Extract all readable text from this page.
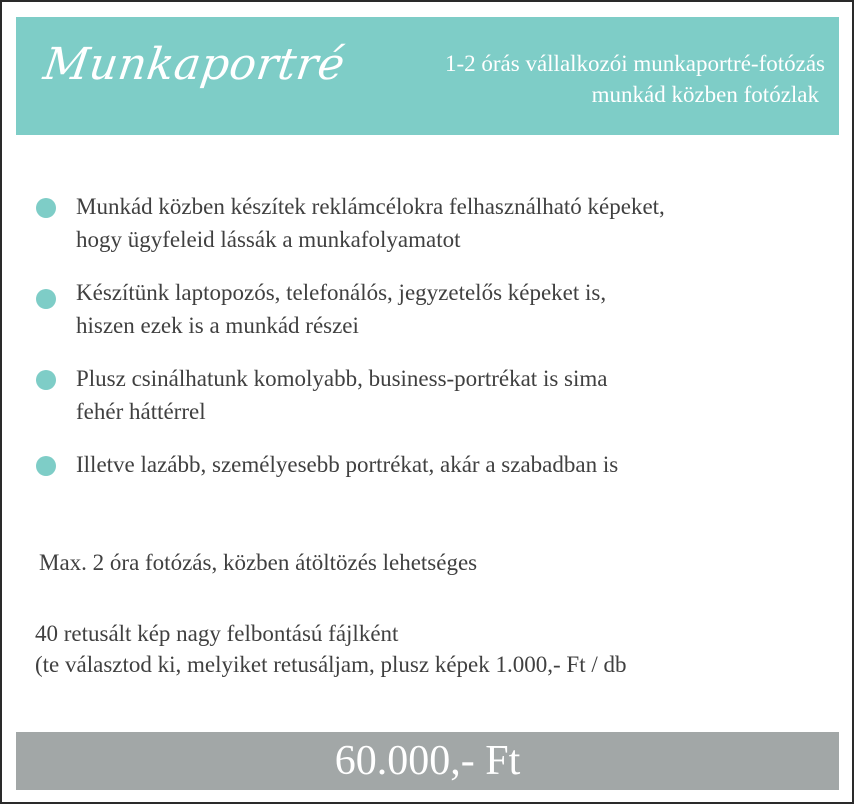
Munkaportré	1-2 órás vállalkozói munkaportré-fotózás
munkád közben fotózlak
Munkád közben készítek reklámcélokra felhasználható képeket,
hogy ügyfeleid lássák a munkafolyamatot
Készítünk laptopozós, telefonálós, jegyzetelős képeket is,
hiszen ezek is a munkád részei
Plusz csinálhatunk komolyabb, business-portrékat is sima
fehér háttérrel
Illetve lazább, személyesebb portrékat, akár a szabadban is
Max. 2 óra fotózás, közben átöltözés lehetséges
40 retusált kép nagy felbontású fájlként
(te választod ki, melyiket retusáljam, plusz képek 1.000,- Ft / db
60.000,- Ft
